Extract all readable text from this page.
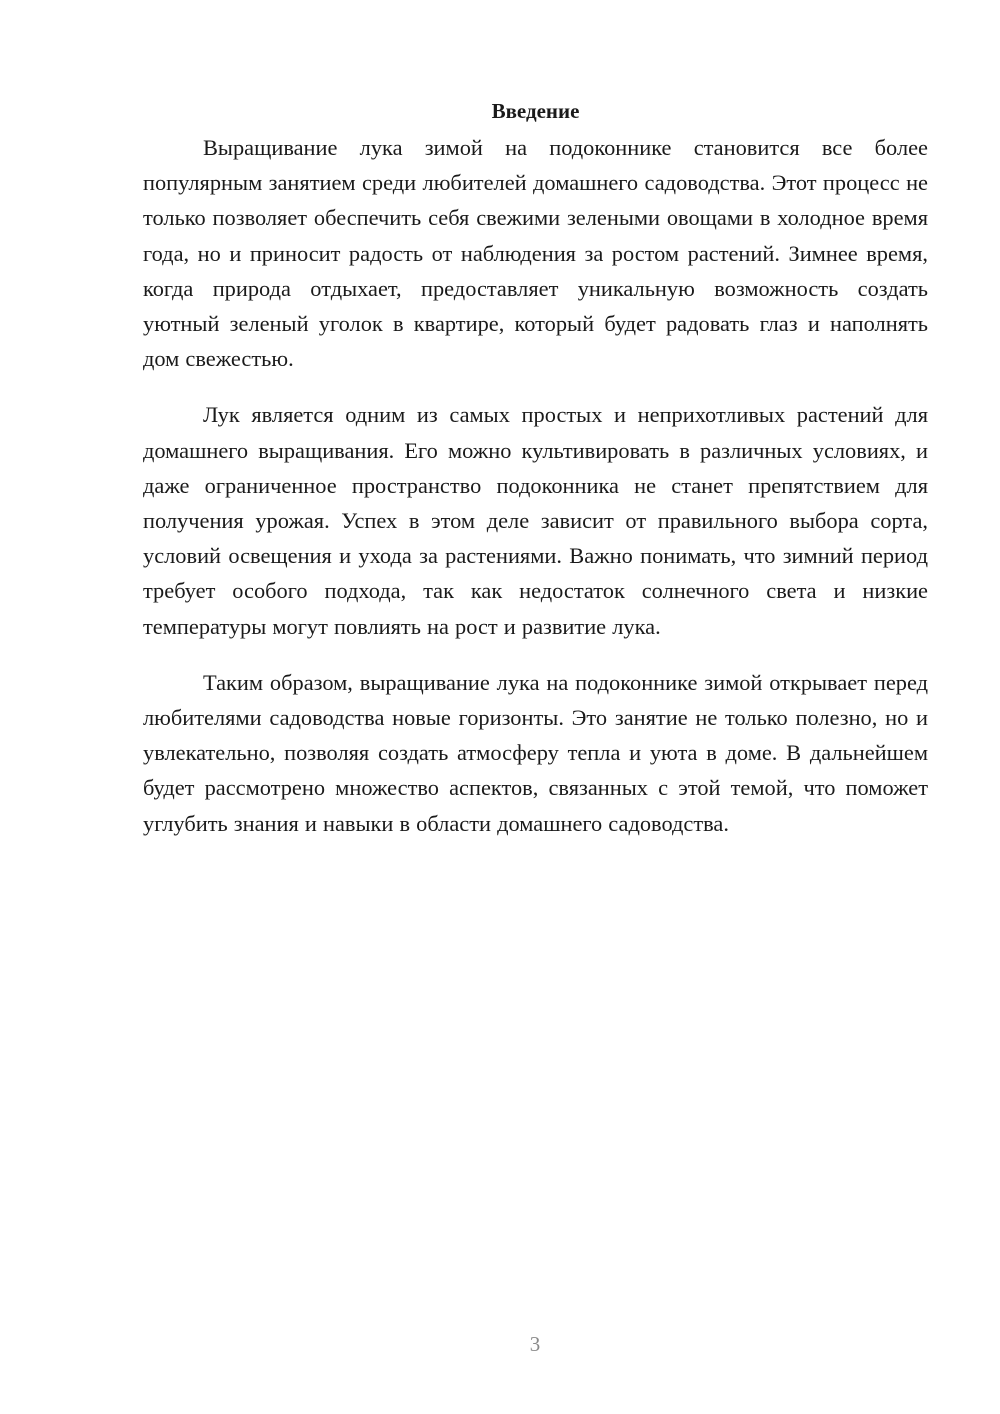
Введение

Выращивание лука зимой на подоконнике становится все более популярным занятием среди любителей домашнего садоводства. Этот процесс не только позволяет обеспечить себя свежими зелеными овощами в холодное время года, но и приносит радость от наблюдения за ростом растений. Зимнее время, когда природа отдыхает, предоставляет уникальную возможность создать уютный зеленый уголок в квартире, который будет радовать глаз и наполнять дом свежестью.

Лук является одним из самых простых и неприхотливых растений для домашнего выращивания. Его можно культивировать в различных условиях, и даже ограниченное пространство подоконника не станет препятствием для получения урожая. Успех в этом деле зависит от правильного выбора сорта, условий освещения и ухода за растениями. Важно понимать, что зимний период требует особого подхода, так как недостаток солнечного света и низкие температуры могут повлиять на рост и развитие лука.

Таким образом, выращивание лука на подоконнике зимой открывает перед любителями садоводства новые горизонты. Это занятие не только полезно, но и увлекательно, позволяя создать атмосферу тепла и уюта в доме. В дальнейшем будет рассмотрено множество аспектов, связанных с этой темой, что поможет углубить знания и навыки в области домашнего садоводства.

3
